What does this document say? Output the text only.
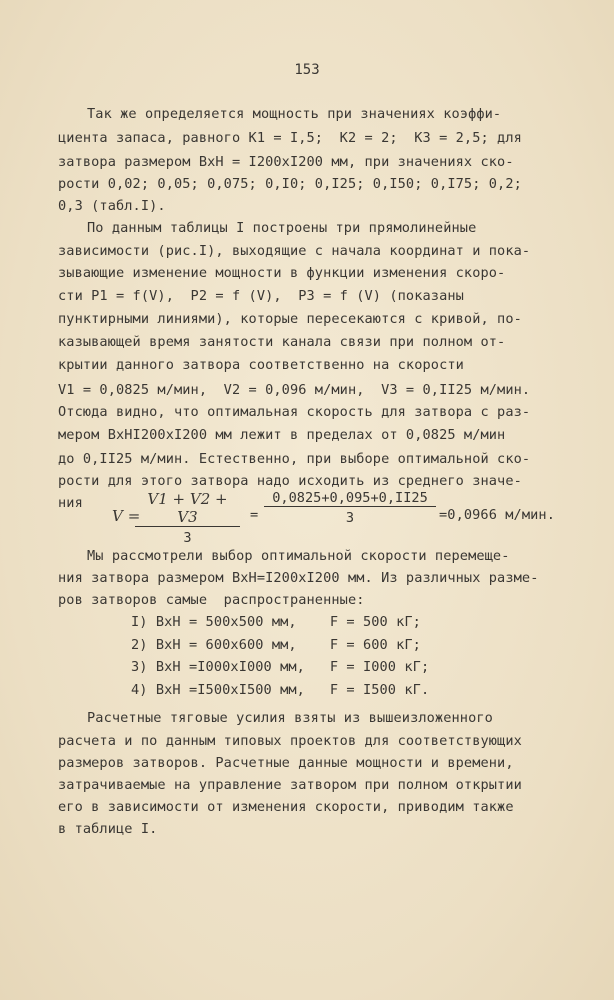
153
Так же определяется мощность при значениях коэффи-
циента запаса, равного K1 = I,5;  K2 = 2;  K3 = 2,5; для
затвора размером ВхН = I200xI200 мм, при значениях ско-
рости 0,02; 0,05; 0,075; 0,I0; 0,I25; 0,I50; 0,I75; 0,2;
0,3 (табл.I).
По данным таблицы I построены три прямолинейные
зависимости (рис.I), выходящие с начала координат и пока-
зывающие изменение мощности в функции изменения скоро-
сти P1 = f(V),  P2 = f (V),  P3 = f (V) (показаны
пунктирными линиями), которые пересекаются с кривой, по-
казывающей время занятости канала связи при полном от-
крытии данного затвора соответственно на скорости
V1 = 0,0825 м/мин,  V2 = 0,096 м/мин,  V3 = 0,II25 м/мин.
Отсюда видно, что оптимальная скорость для затвора с раз-
мером ВхНI200xI200 мм лежит в пределах от 0,0825 м/мин
до 0,II25 м/мин. Естественно, при выборе оптимальной ско-
рости для этого затвора надо исходить из среднего значе-
ния
V =
$\frac{V1 + V2 + V3}{3} = \frac{0,0825+0,095+0,II25}{3} =0,0966$ м/мин.
Мы рассмотрели выбор оптимальной скорости перемеще-
ния затвора размером ВхН=I200xI200 мм. Из различных разме-
ров затворов самые  распространенные:
I) ВхН = 500x500 мм,    F = 500 кГ;
2) ВхН = 600x600 мм,    F = 600 кГ;
3) ВхН =I000xI000 мм,   F = I000 кГ;
4) ВхН =I500xI500 мм,   F = I500 кГ.
Расчетные тяговые усилия взяты из вышеизложенного
расчета и по данным типовых проектов для соответствующих
размеров затворов. Расчетные данные мощности и времени,
затрачиваемые на управление затвором при полном открытии
его в зависимости от изменения скорости, приводим также
в таблице I.
